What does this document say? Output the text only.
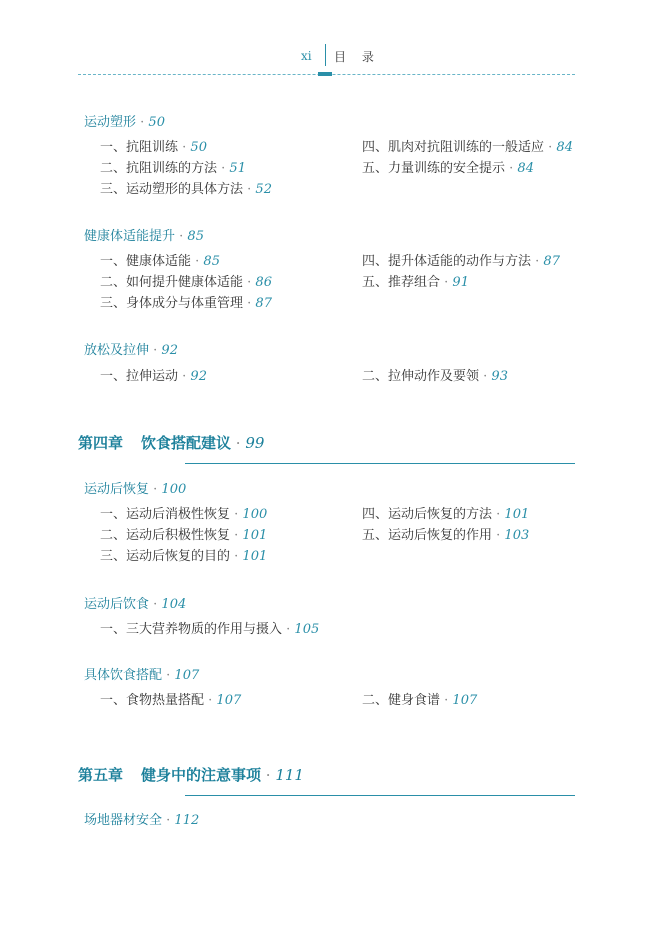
xi 目 录
运动塑形 · 50
一、抗阻训练 · 50
二、抗阻训练的方法 · 51
三、运动塑形的具体方法 · 52
四、肌肉对抗阻训练的一般适应 · 84
五、力量训练的安全提示 · 84
健康体适能提升 · 85
一、健康体适能 · 85
二、如何提升健康体适能 · 86
三、身体成分与体重管理 · 87
四、提升体适能的动作与方法 · 87
五、推荐组合 · 91
放松及拉伸 · 92
一、拉伸运动 · 92	二、拉伸动作及要领 · 93
第四章 饮食搭配建议 · 99
运动后恢复 · 100
一、运动后消极性恢复 · 100
二、运动后积极性恢复 · 101
三、运动后恢复的目的 · 101
四、运动后恢复的方法 · 101
五、运动后恢复的作用 · 103
运动后饮食 · 104
一、三大营养物质的作用与摄入 · 105
具体饮食搭配 · 107
一、食物热量搭配 · 107	二、健身食谱 · 107
第五章 健身中的注意事项 · 111
场地器材安全 · 112
